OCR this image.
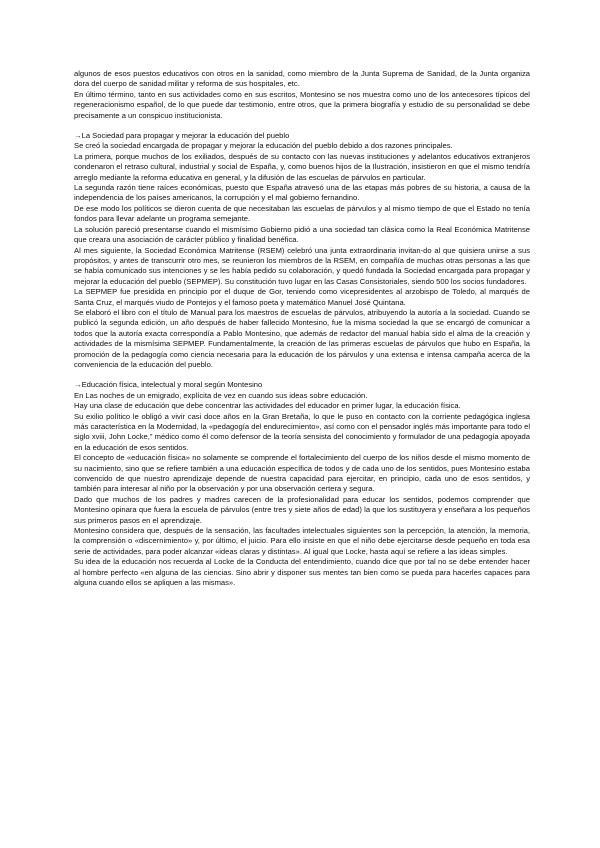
algunos de esos puestos educativos con otros en la sanidad, como miembro de la Junta Suprema de Sanidad, de la Junta organiza dora del cuerpo de sanidad militar y reforma de sus hospitales, etc.

En último término, tanto en sus actividades como en sus escritos, Montesino se nos muestra como uno de los antecesores típicos del regeneracionismo español, de lo que puede dar testimonio, entre otros, que la primera biografía y estudio de su personalidad se debe precisamente a un conspicuo institucionista.

→La Sociedad para propagar y mejorar la educación del pueblo

Se creó la sociedad encargada de propagar y mejorar la educación del pueblo debido a dos razones principales.

La primera, porque muchos de los exiliados, después de su contacto con las nuevas instituciones y adelantos educativos extranjeros condenaron el retraso cultural, industrial y social de España, y, como buenos hijos de la Ilustración, insistieron en que el mismo tendría arreglo mediante la reforma educativa en general, y la difusión de las escuelas de párvulos en particular.

La segunda razón tiene raíces económicas, puesto que España atravesó una de las etapas más pobres de su historia, a causa de la independencia de los países americanos, la corrupción y el mal gobierno fernandino.

De ese modo los políticos se dieron cuenta de que necesitaban las escuelas de párvulos y al mismo tiempo de que el Estado no tenía fondos para llevar adelante un programa semejante.

La solución pareció presentarse cuando el mismísimo Gobierno pidió a una sociedad tan clásica como la Real Económica Matritense que creara una asociación de carácter público y finalidad benéfica.

Al mes siguiente, la Sociedad Económica Matritense (RSEM) celebró una junta extraordinaria invitan-do al que quisiera unirse a sus propósitos, y antes de transcurrir otro mes, se reunieron los miembros de la RSEM, en compañía de muchas otras personas a las que se había comunicado sus intenciones y se les había pedido su colaboración, y quedó fundada la Sociedad encargada para propagar y mejorar la educación del pueblo (SEPMEP). Su constitución tuvo lugar en las Casas Consistoriales, siendo 500 los socios fundadores.

La SEPMEP fue presidida en principio por el duque de Gor, teniendo como vicepresidentes al arzobispo de Toledo, al marqués de Santa Cruz, el marqués viudo de Pontejos y el famoso poeta y matemático Manuel José Quintana.

Se elaboró el libro con el título de Manual para los maestros de escuelas de párvulos, atribuyendo la autoría a la sociedad. Cuando se publicó la segunda edición, un año después de haber fallecido Montesino, fue la misma sociedad la que se encargó de comunicar a todos que la autoría exacta correspondía a Pablo Montesino, que además de redactor del manual había sido el alma de la creación y actividades de la mismísima SEPMEP. Fundamentalmente, la creación de las primeras escuelas de párvulos que hubo en España, la promoción de la pedagogía como ciencia necesaria para la educación de los párvulos y una extensa e intensa campaña acerca de la conveniencia de la educación del pueblo.

→Educación física, intelectual y moral según Montesino

En Las noches de un emigrado, explícita de vez en cuando sus ideas sobre educación.

Hay una clase de educación que debe concentrar las actividades del educador en primer lugar, la educación física.

Su exilio político le obligó a vivir casi doce años en la Gran Bretaña, lo que le puso en contacto con la corriente pedagógica inglesa más característica en la Modernidad, la «pedagogía del endurecimiento», así como con el pensador inglés más importante para todo el siglo xviii, John Locke,” médico como él como defensor de la teoría sensista del conocimiento y formulador de una pedagogía apoyada en la educación de esos sentidos.

El concepto de «educación física» no solamente se comprende el fortalecimiento del cuerpo de los niños desde el mismo momento de su nacimiento, sino que se refiere también a una educación específica de todos y de cada uno de los sentidos, pues Montesino estaba convencido de que nuestro aprendizaje depende de nuestra capacidad para ejercitar, en principio, cada uno de esos sentidos, y también para interesar al niño por la observación y por una observación certera y segura.

Dado que muchos de los padres y madres carecen de la profesionalidad para educar los sentidos, podemos comprender que Montesino opinara que fuera la escuela de párvulos (entre tres y siete años de edad) la que los sustituyera y enseñara a los pequeños sus primeros pasos en el aprendizaje.

Montesino considera que, después de la sensación, las facultades intelectuales siguientes son la percepción, la atención, la memoria, la comprensión o «discernimiento» y, por último, el juicio. Para ello insiste en que el niño debe ejercitarse desde pequeño en toda esa serie de actividades, para poder alcanzar «ideas claras y distintas». Al igual que Locke, hasta aquí se refiere a las ideas simples.

Su idea de la educación nos recuerda al Locke de la Conducta del entendimiento, cuando dice que por tal no se debe entender hacer al hombre perfecto «en alguna de las ciencias. Sino abrir y disponer sus mentes tan bien como se pueda para hacerles capaces para alguna cuando ellos se apliquen a las mismas».
